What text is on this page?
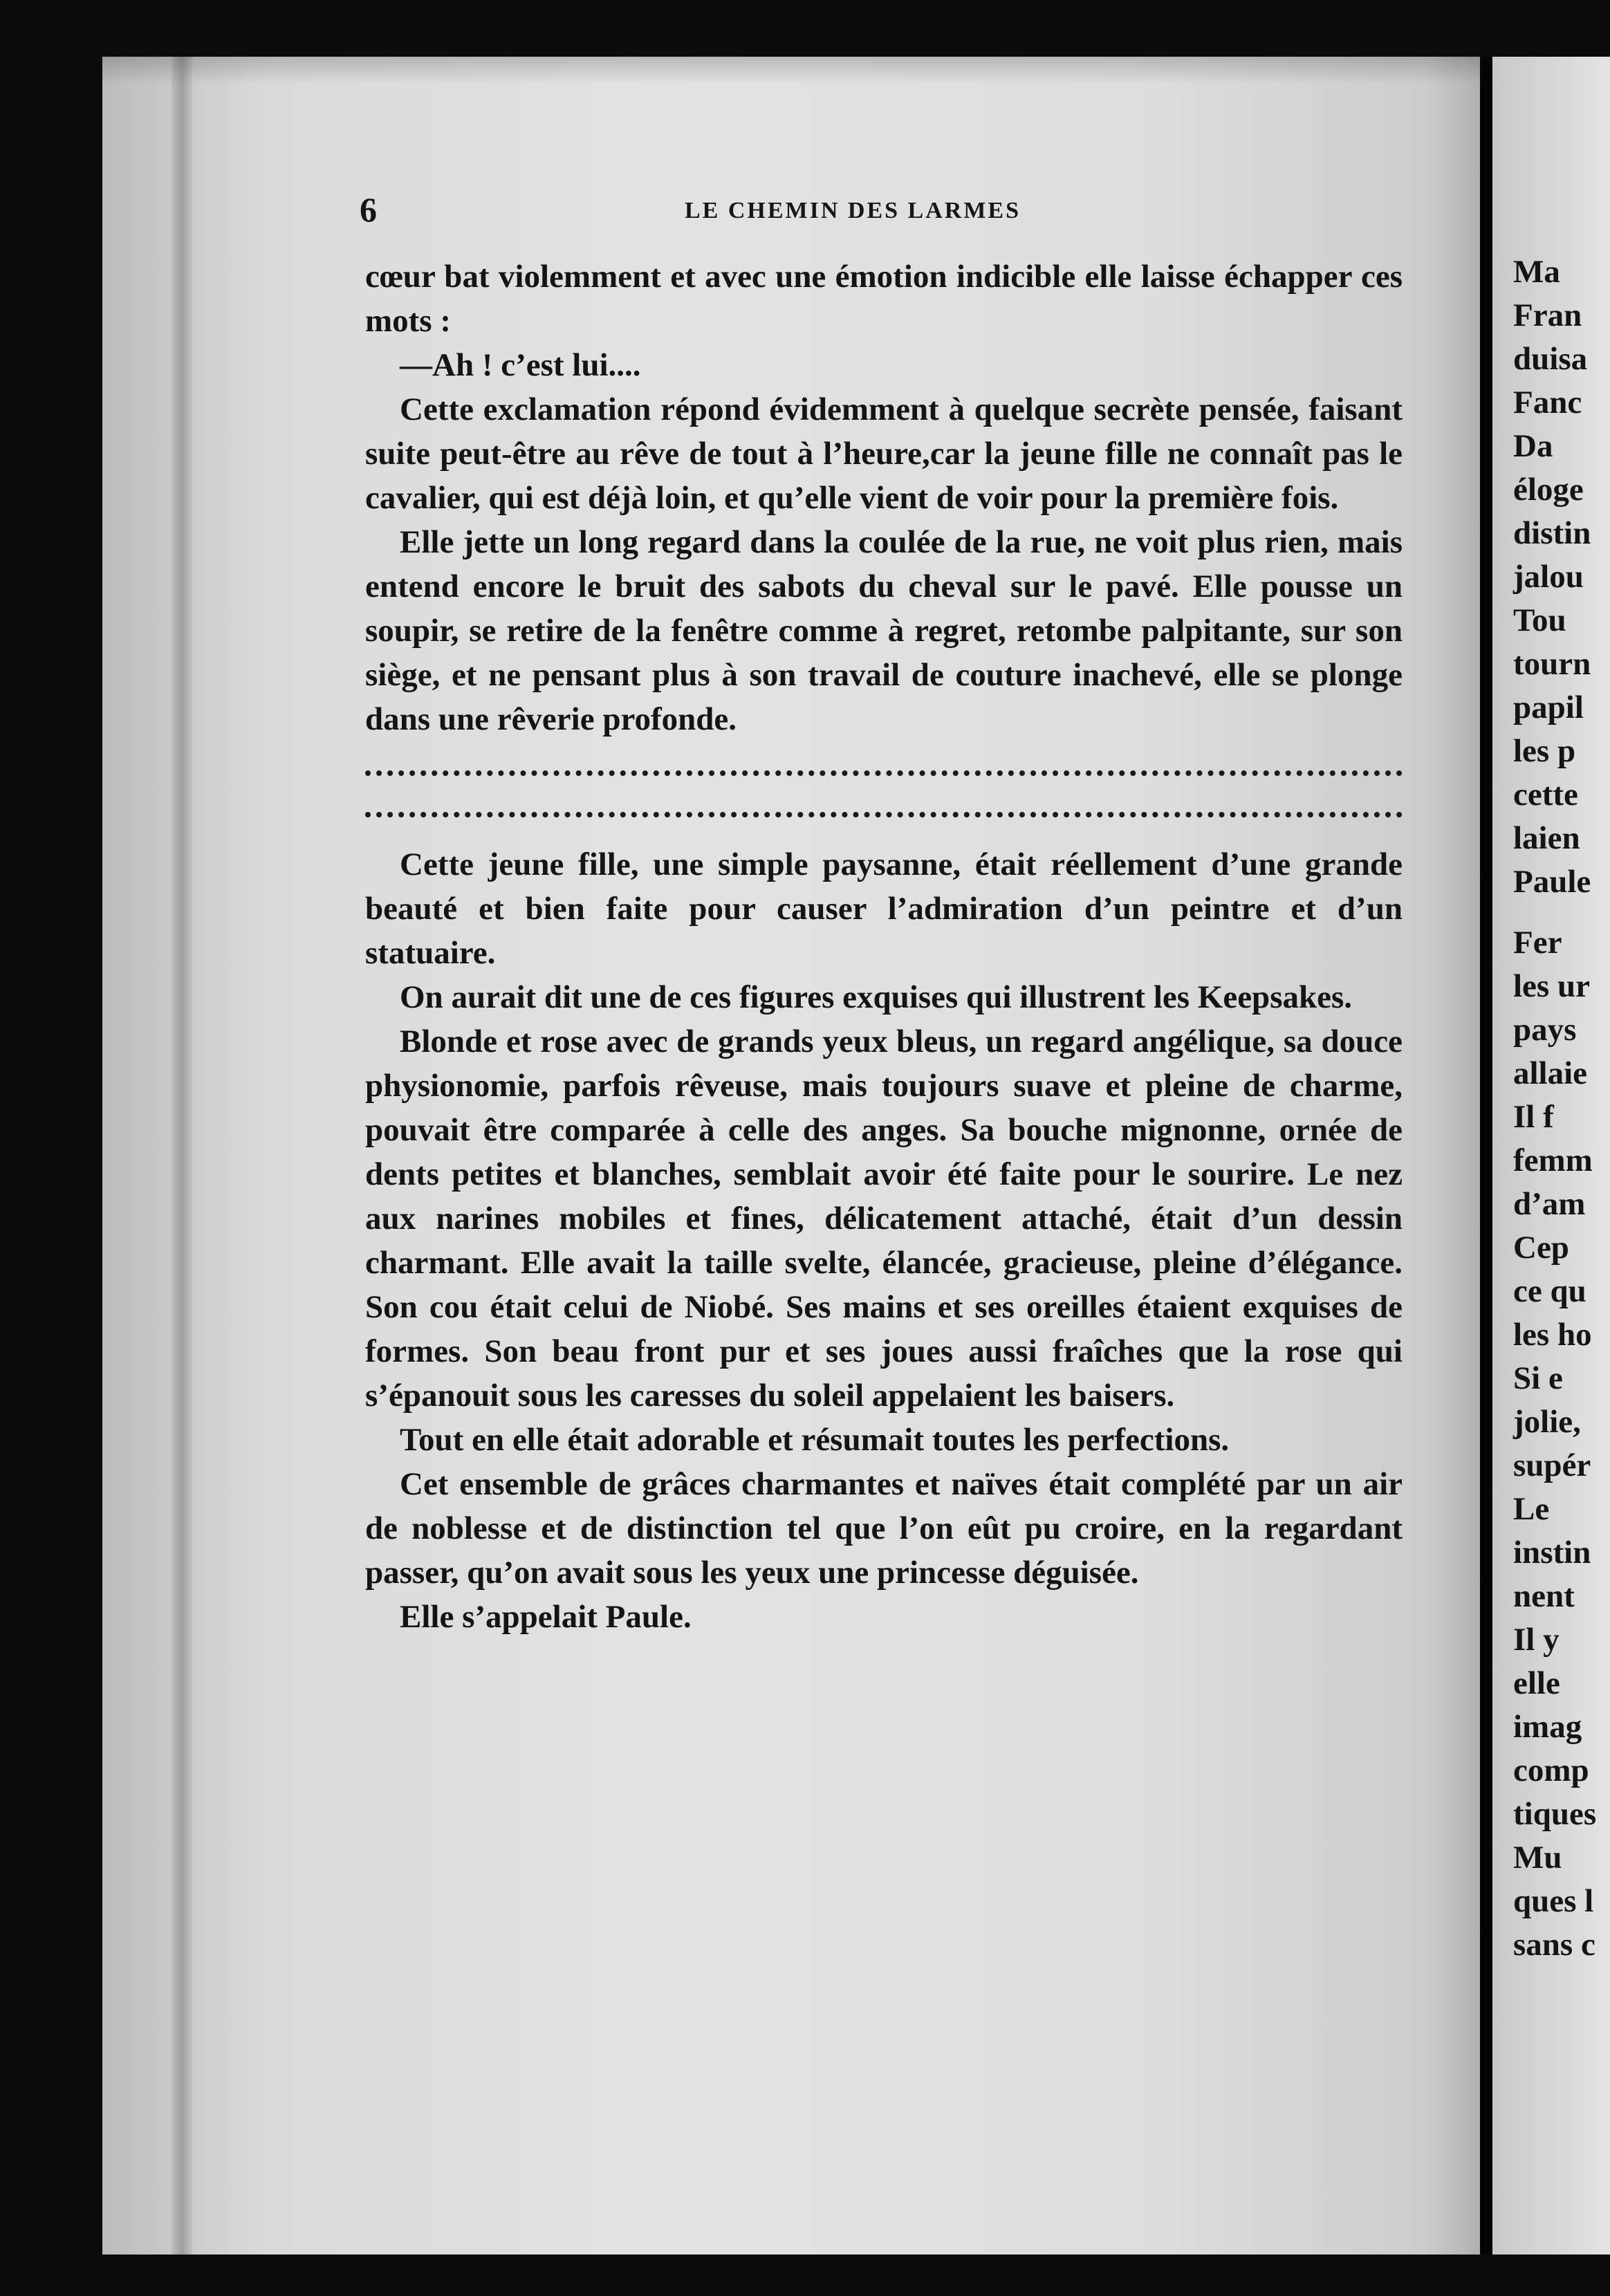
6	LE CHEMIN DES LARMES

cœur bat violemment et avec une émotion indicible elle laisse échapper ces mots :

—Ah ! c’est lui....

Cette exclamation répond évidemment à quelque secrète pensée, faisant suite peut-être au rêve de tout à l’heure,car la jeune fille ne connaît pas le cavalier, qui est déjà loin, et qu’elle vient de voir pour la première fois.

Elle jette un long regard dans la coulée de la rue, ne voit plus rien, mais entend encore le bruit des sabots du cheval sur le pavé. Elle pousse un soupir, se retire de la fenêtre comme à regret, retombe palpitante, sur son siège, et ne pensant plus à son travail de couture inachevé, elle se plonge dans une rêverie profonde.

Cette jeune fille, une simple paysanne, était réellement d’une grande beauté et bien faite pour causer l’admiration d’un peintre et d’un statuaire.

On aurait dit une de ces figures exquises qui illustrent les Keepsakes.

Blonde et rose avec de grands yeux bleus, un regard angélique, sa douce physionomie, parfois rêveuse, mais toujours suave et pleine de charme, pouvait être comparée à celle des anges. Sa bouche mignonne, ornée de dents petites et blanches, semblait avoir été faite pour le sourire. Le nez aux narines mobiles et fines, délicatement attaché, était d’un dessin charmant. Elle avait la taille svelte, élancée, gracieuse, pleine d’élégance. Son cou était celui de Niobé. Ses mains et ses oreilles étaient exquises de formes. Son beau front pur et ses joues aussi fraîches que la rose qui s’épanouit sous les caresses du soleil appelaient les baisers.

Tout en elle était adorable et résumait toutes les perfections.

Cet ensemble de grâces charmantes et naïves était complété par un air de noblesse et de distinction tel que l’on eût pu croire, en la regardant passer, qu’on avait sous les yeux une princesse déguisée.

Elle s’appelait Paule.

Ma
Fran
duisa
Fanc
Da
éloge
distin
jalou
Tou
tourn
papil
les p
cette
laien
Paule
Fer
les ur
pays
allaie
Il f
femm
d’am
Cep
ce qu
les ho
Si e
jolie,
supér
Le
instin
nent
Il y
elle
imag
comp
tiques
Mu
ques l
sans c
